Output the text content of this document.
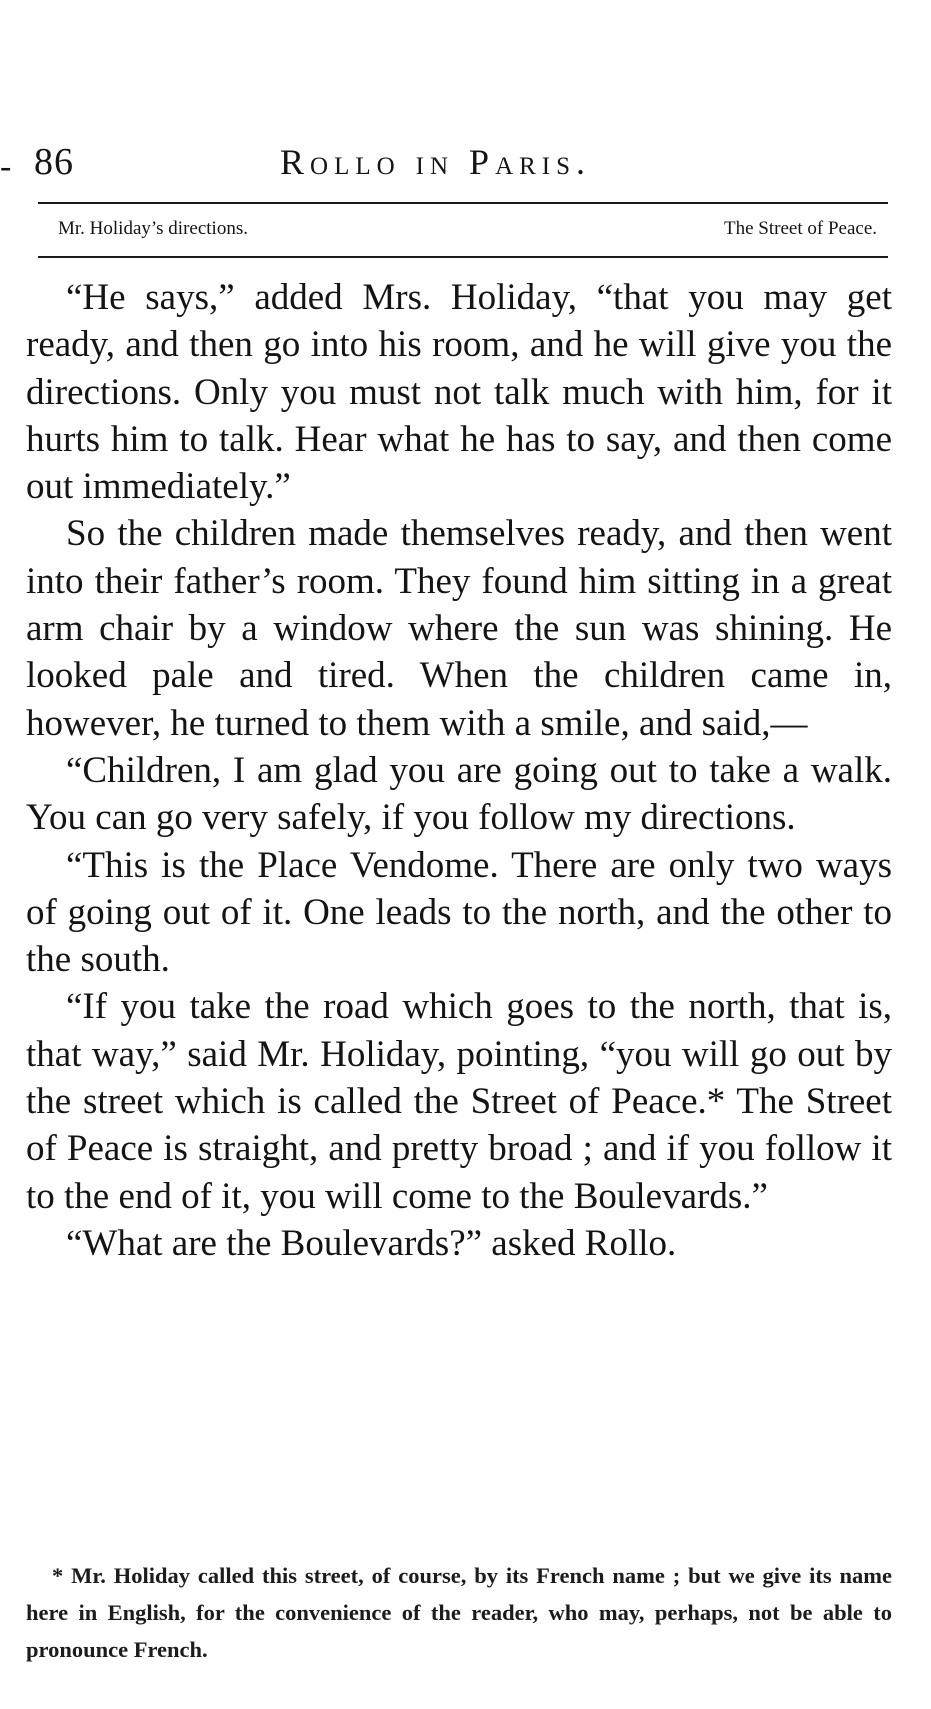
- 86	Rollo in Paris.
Mr. Holiday’s directions.	The Street of Peace.

“He says,” added Mrs. Holiday, “that you may get ready, and then go into his room, and he will give you the directions. Only you must not talk much with him, for it hurts him to talk. Hear what he has to say, and then come out immediately.”

So the children made themselves ready, and then went into their father’s room. They found him sitting in a great arm chair by a window where the sun was shining. He looked pale and tired. When the children came in, however, he turned to them with a smile, and said,—

“Children, I am glad you are going out to take a walk. You can go very safely, if you follow my directions.

“This is the Place Vendome. There are only two ways of going out of it. One leads to the north, and the other to the south.

“If you take the road which goes to the north, that is, that way,” said Mr. Holiday, pointing, “you will go out by the street which is called the Street of Peace.* The Street of Peace is straight, and pretty broad ; and if you follow it to the end of it, you will come to the Boulevards.”

“What are the Boulevards?” asked Rollo.

* Mr. Holiday called this street, of course, by its French name ; but we give its name here in English, for the convenience of the reader, who may, perhaps, not be able to pronounce French.
